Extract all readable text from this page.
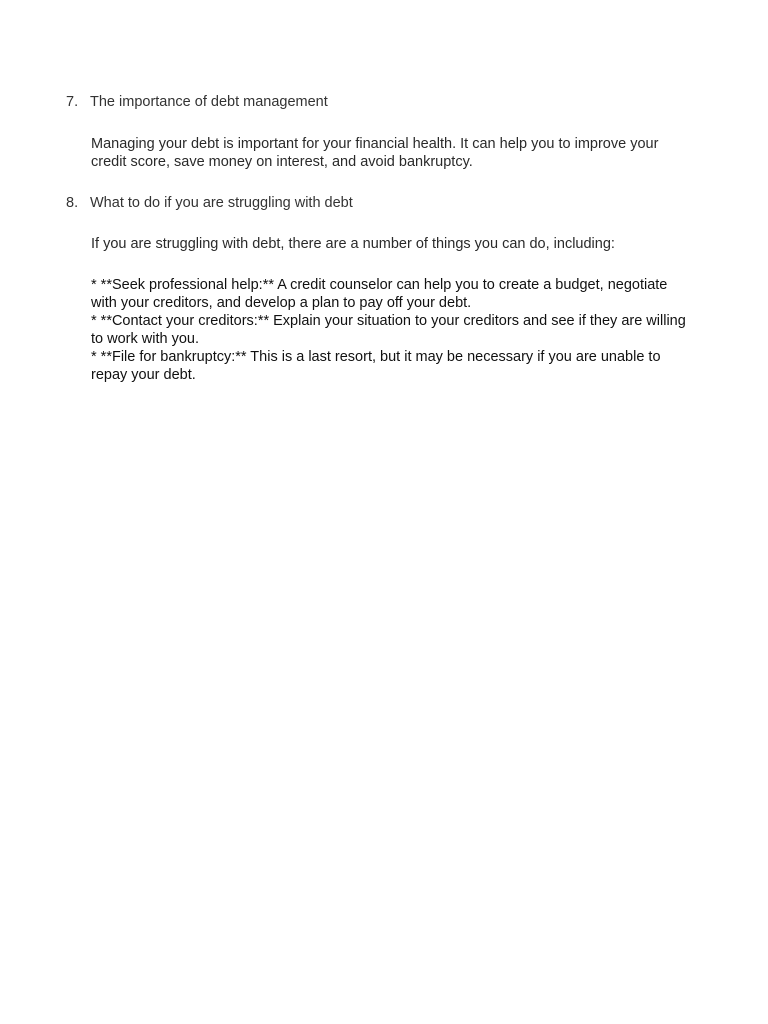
7. The importance of debt management
Managing your debt is important for your financial health. It can help you to improve your credit score, save money on interest, and avoid bankruptcy.
8. What to do if you are struggling with debt
If you are struggling with debt, there are a number of things you can do, including:

* **Seek professional help:** A credit counselor can help you to create a budget, negotiate with your creditors, and develop a plan to pay off your debt.

* **Contact your creditors:** Explain your situation to your creditors and see if they are willing to work with you.

* **File for bankruptcy:** This is a last resort, but it may be necessary if you are unable to repay your debt.
